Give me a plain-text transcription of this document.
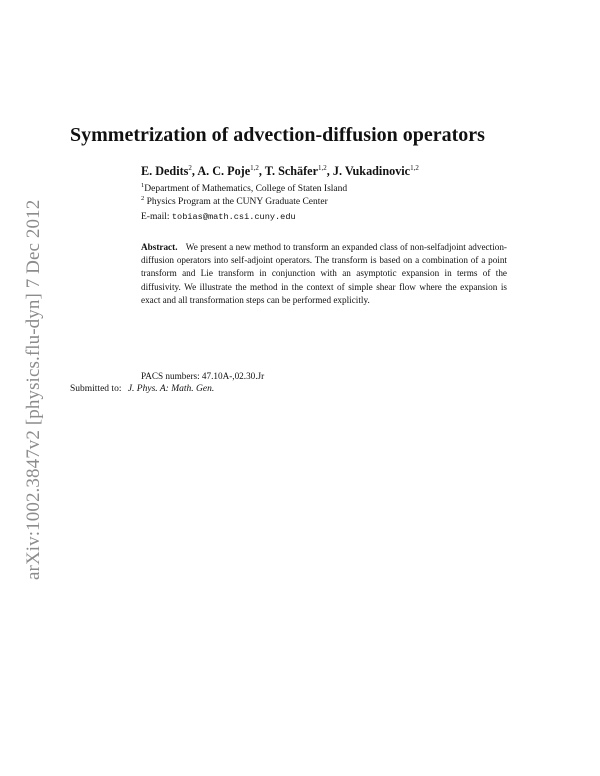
arXiv:1002.3847v2 [physics.flu-dyn] 7 Dec 2012
Symmetrization of advection-diffusion operators
E. Dedits$^2$, A. C. Poje$^{1,2}$, T. Schäfer$^{1,2}$, J. Vukadinovic$^{1,2}$
$^1$Department of Mathematics, College of Staten Island
$^2$ Physics Program at the CUNY Graduate Center
E-mail: tobias@math.csi.cuny.edu
Abstract. We present a new method to transform an expanded class of non-selfadjoint advection-diffusion operators into self-adjoint operators. The transform is based on a combination of a point transform and Lie transform in conjunction with an asymptotic expansion in terms of the diffusivity. We illustrate the method in the context of simple shear flow where the expansion is exact and all transformation steps can be performed explicitly.
PACS numbers: 47.10A-,02.30.Jr
Submitted to: J. Phys. A: Math. Gen.
